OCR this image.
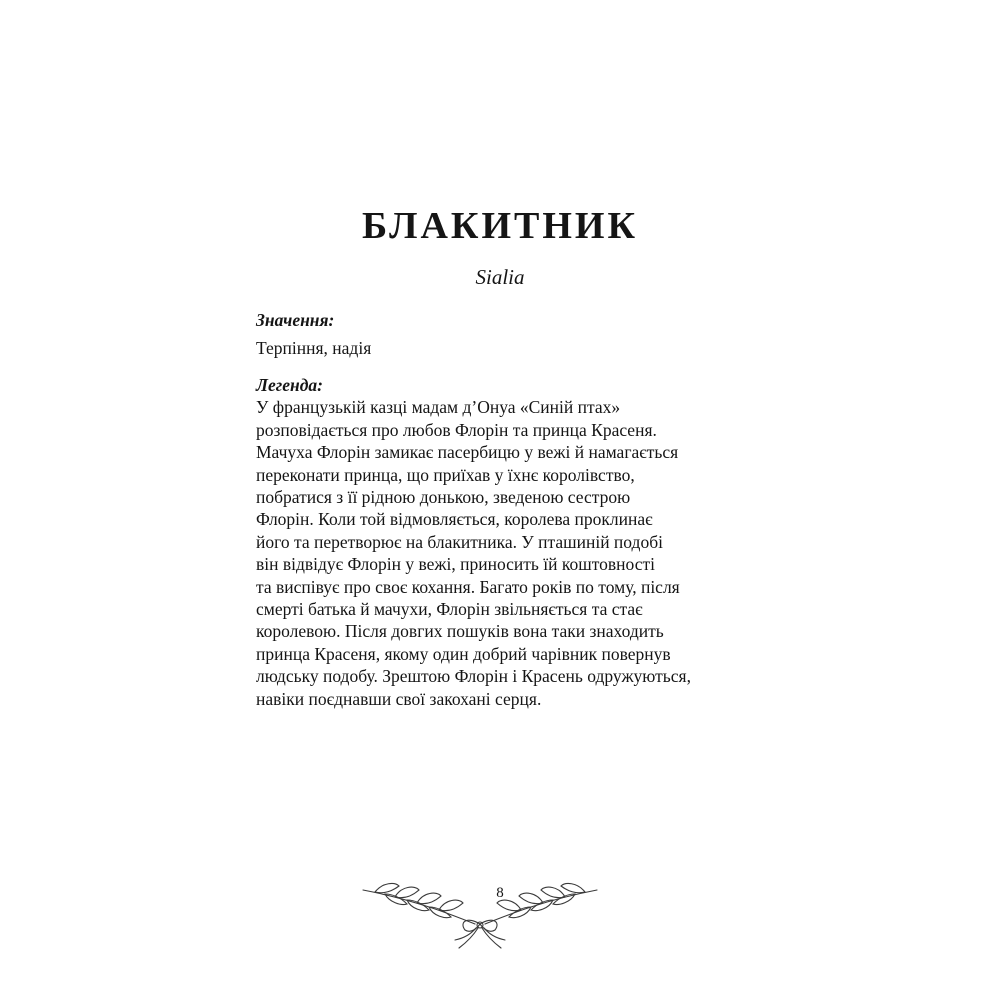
БЛАКИТНИК

Sialia

Значення:
Терпіння, надія
Легенда:
У французькій казці мадам д’Онуа «Синій птах»
розповідається про любов Флорін та принца Красеня.
Мачуха Флорін замикає пасербицю у вежі й намагається
переконати принца, що приїхав у їхнє королівство,
побратися з її рідною донькою, зведеною сестрою
Флорін. Коли той відмовляється, королева проклинає
його та перетворює на блакитника. У пташиній подобі
він відвідує Флорін у вежі, приносить їй коштовності
та виспівує про своє кохання. Багато років по тому, після
смерті батька й мачухи, Флорін звільняється та стає
королевою. Після довгих пошуків вона таки знаходить
принца Красеня, якому один добрий чарівник повернув
людську подобу. Зрештою Флорін і Красень одружуються,
навіки поєднавши свої закохані серця.

8
